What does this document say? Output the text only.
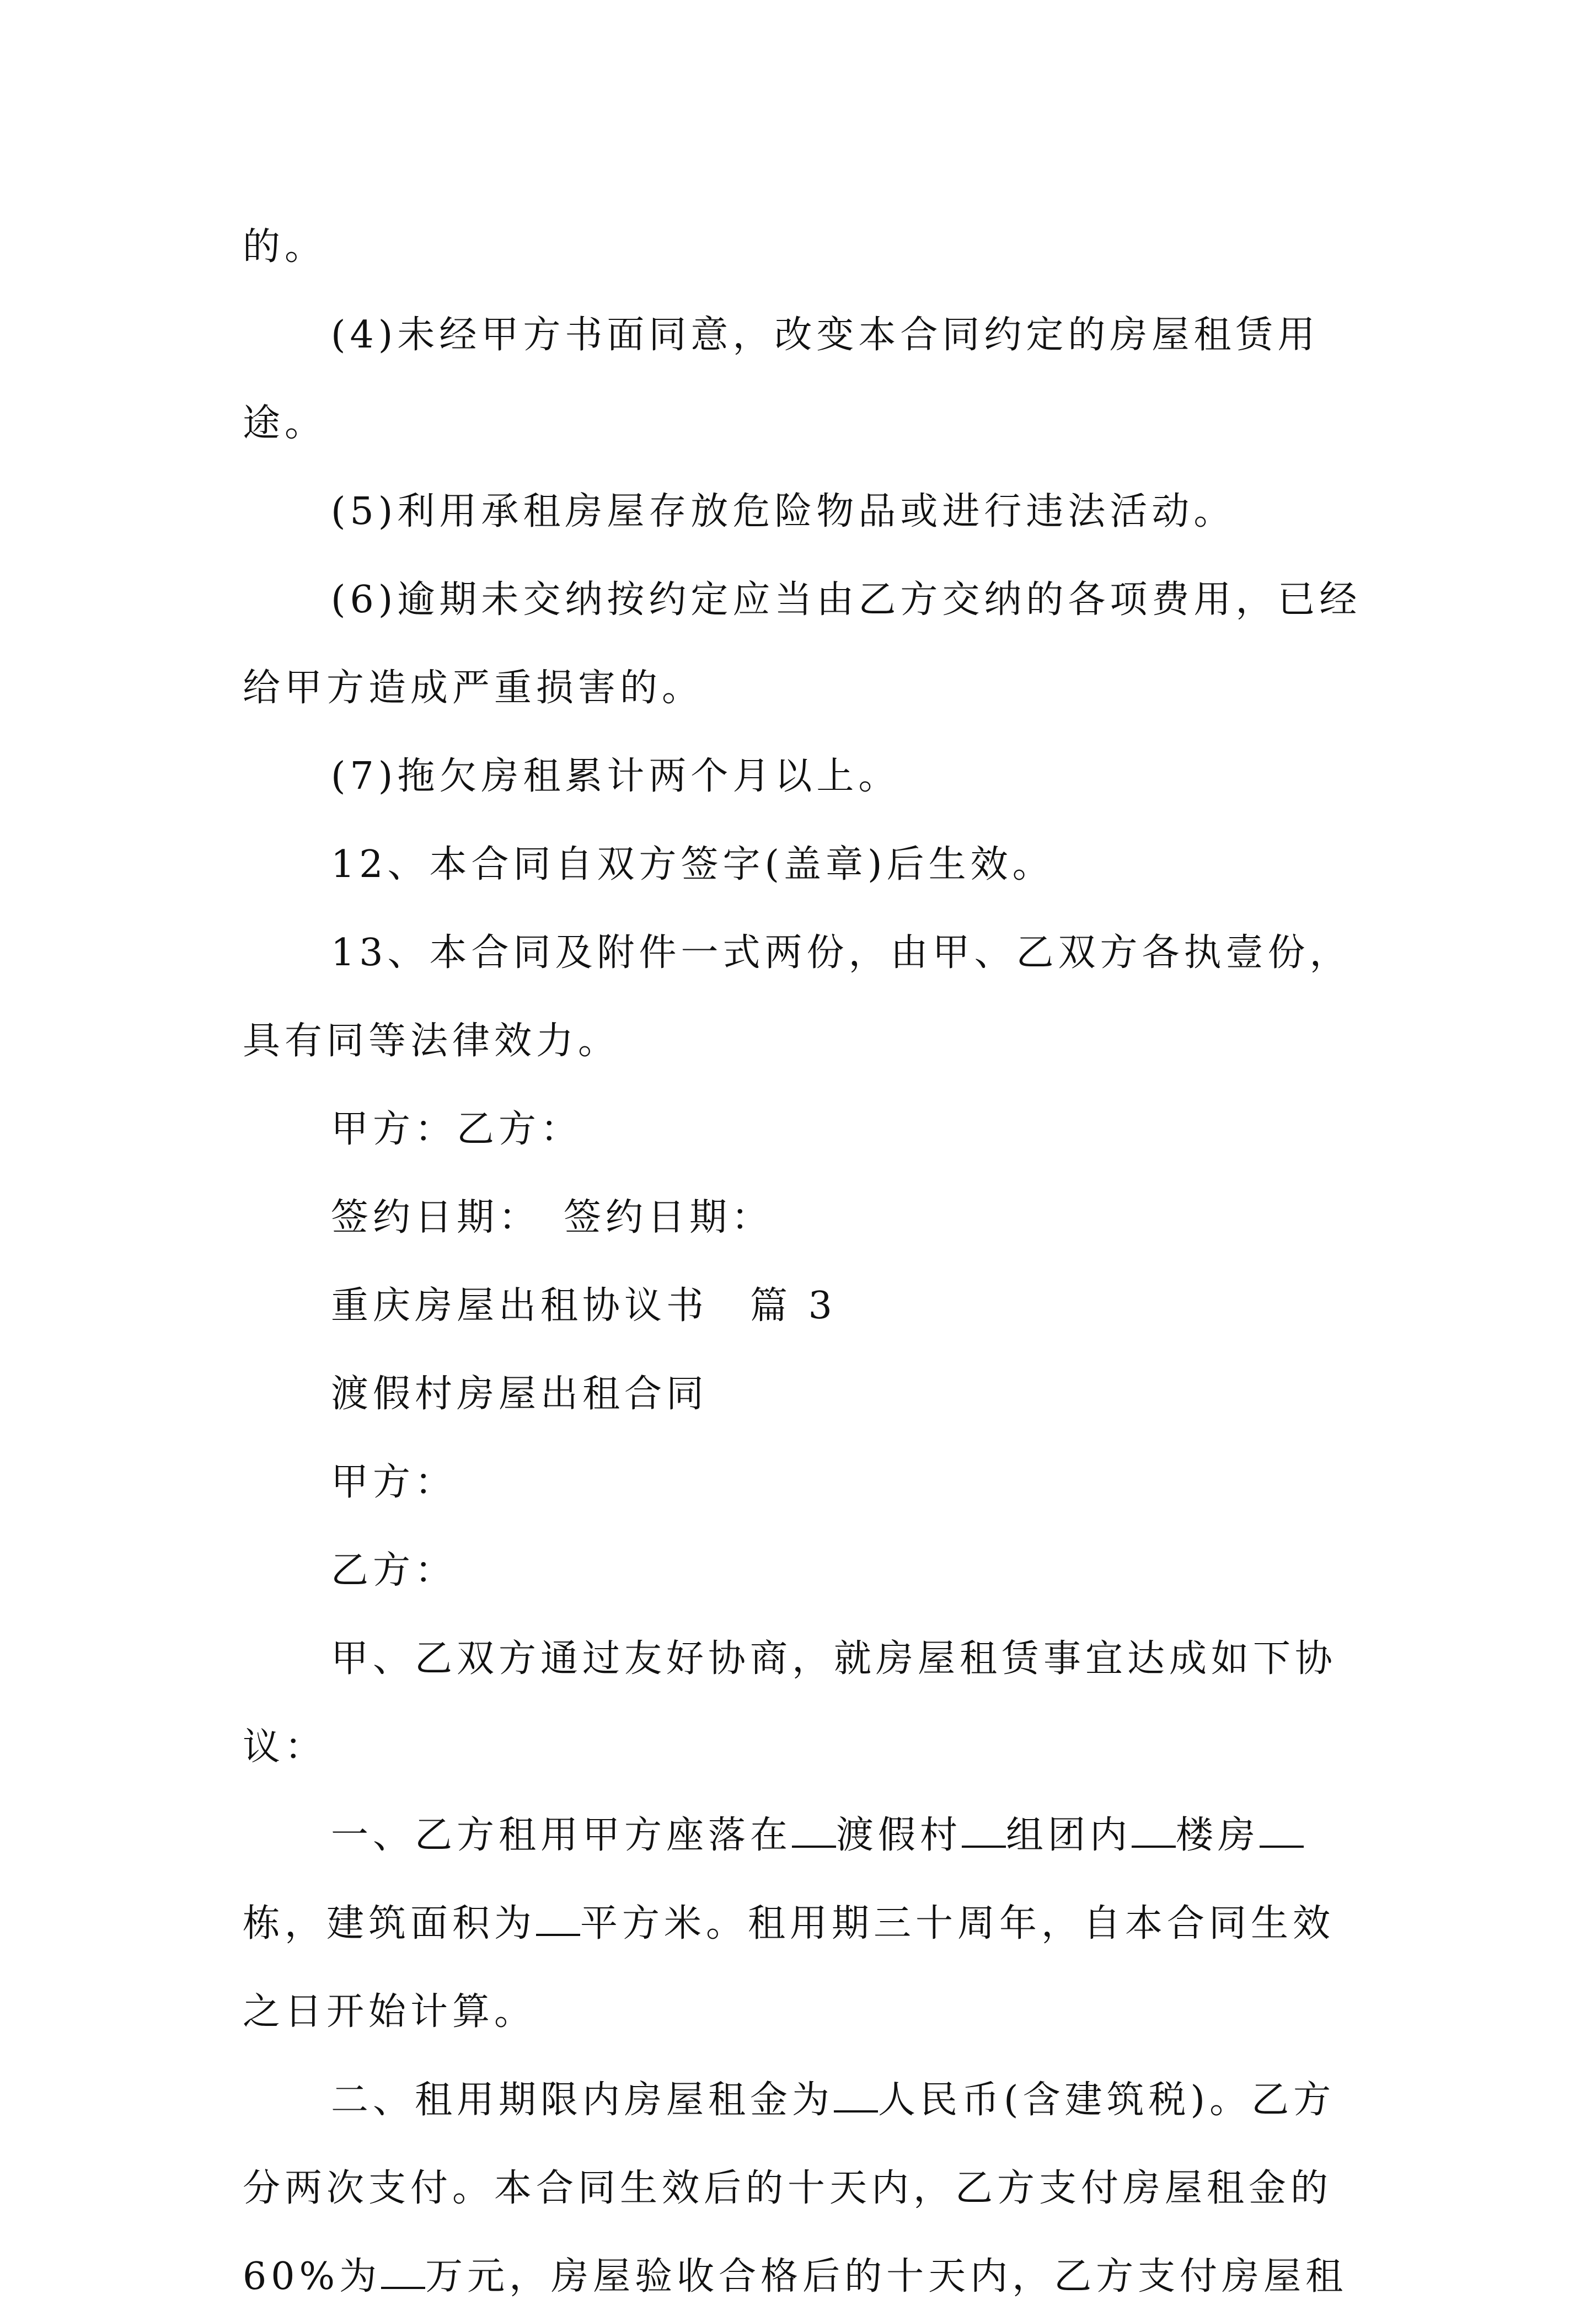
的。

(4)未经甲方书面同意，改变本合同约定的房屋租赁用途。

(5)利用承租房屋存放危险物品或进行违法活动。

(6)逾期未交纳按约定应当由乙方交纳的各项费用，已经给甲方造成严重损害的。

(7)拖欠房租累计两个月以上。

12、本合同自双方签字(盖章)后生效。

13、本合同及附件一式两份，由甲、乙双方各执壹份，具有同等法律效力。

甲方：乙方：

签约日期：　签约日期：

重庆房屋出租协议书　篇 3

渡假村房屋出租合同

甲方：

乙方：

甲、乙双方通过友好协商，就房屋租赁事宜达成如下协议：

一、乙方租用甲方座落在 渡假村 组团内 楼房栋，建筑面积为 平方米。租用期三十周年，自本合同生效之日开始计算。

二、租用期限内房屋租金为 人民币(含建筑税)。乙方分两次支付。本合同生效后的十天内，乙方支付房屋租金的 60%为 万元，房屋验收合格后的十天内，乙方支付房屋租
